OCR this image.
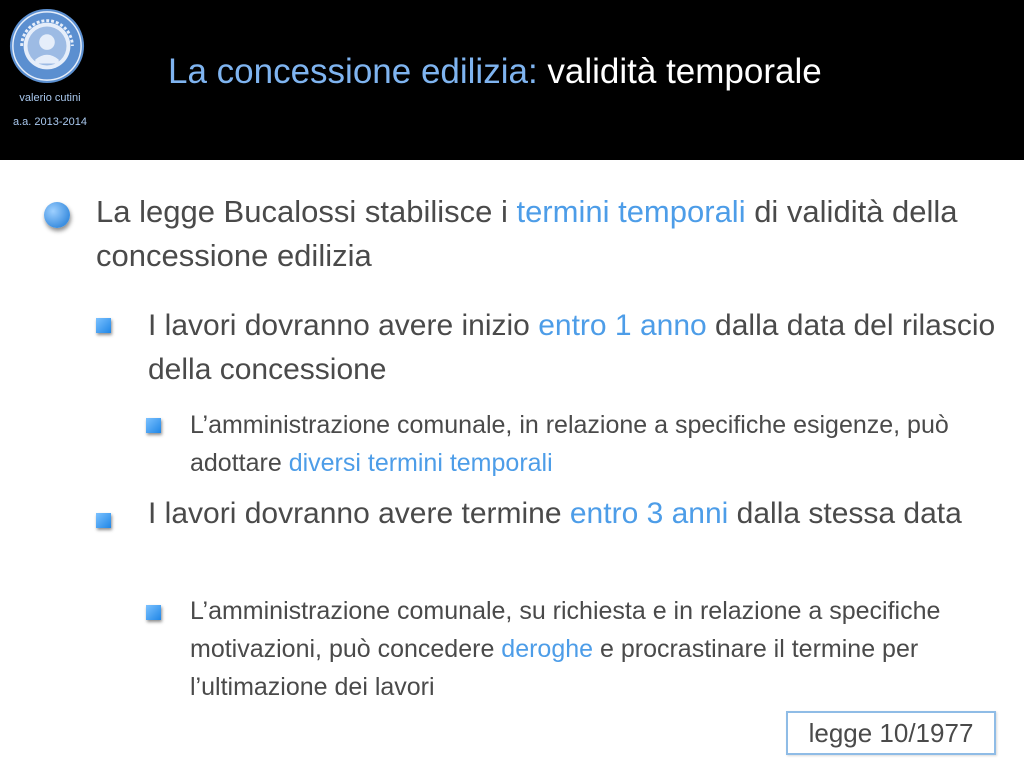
valerio cutini
a.a. 2013-2014
La concessione edilizia: validità temporale
La legge Bucalossi stabilisce i termini temporali di validità della concessione edilizia
I lavori dovranno avere inizio entro 1 anno dalla data del rilascio della concessione
L’amministrazione comunale, in relazione a specifiche esigenze, può adottare diversi termini temporali
I lavori dovranno avere termine entro 3 anni dalla stessa data
L’amministrazione comunale, su richiesta e in relazione a specifiche motivazioni, può concedere deroghe e procrastinare il termine per l’ultimazione dei lavori
legge 10/1977
